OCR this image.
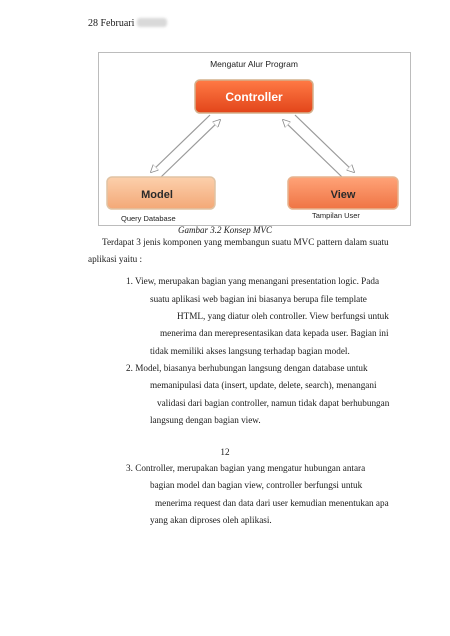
28 Februari
Mengatur Alur Program
Controller
Model
Query Database
View
Tampilan User
Gambar 3.2 Konsep MVC
Terdapat 3 jenis komponen yang membangun suatu MVC pattern dalam suatu
aplikasi yaitu :
1. View, merupakan bagian yang menangani presentation logic. Pada
suatu aplikasi web bagian ini biasanya berupa file template
HTML, yang diatur oleh controller. View berfungsi untuk
menerima dan merepresentasikan data kepada user. Bagian ini
tidak memiliki akses langsung terhadap bagian model.
2. Model, biasanya berhubungan langsung dengan database untuk
memanipulasi data (insert, update, delete, search), menangani
validasi dari bagian controller, namun tidak dapat berhubungan
langsung dengan bagian view.
12
3. Controller, merupakan bagian yang mengatur hubungan antara
bagian model dan bagian view, controller berfungsi untuk
menerima request dan data dari user kemudian menentukan apa
yang akan diproses oleh aplikasi.
